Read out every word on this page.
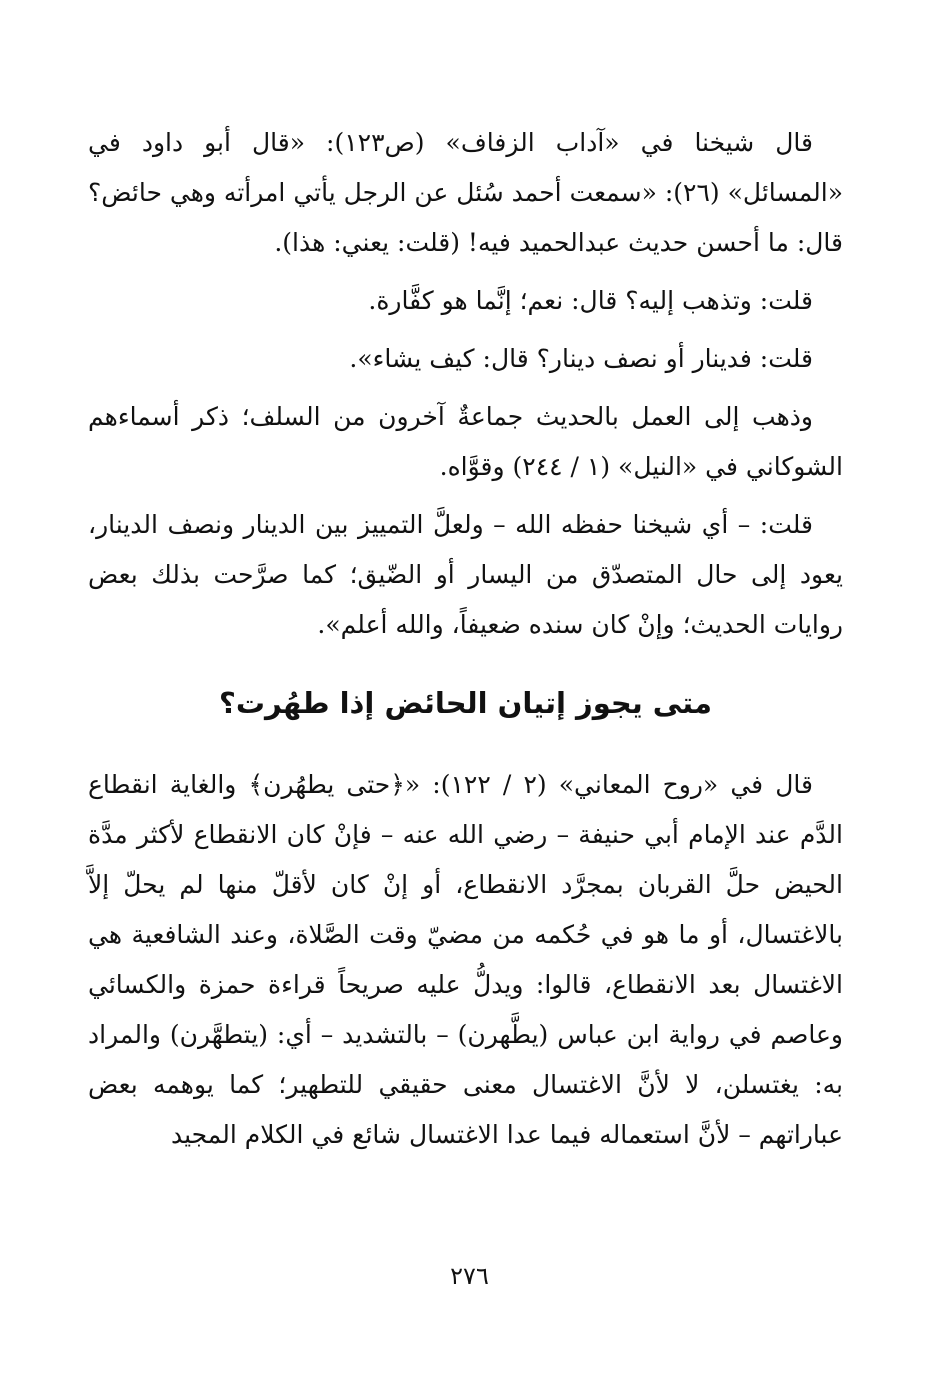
قال شيخنا في «آداب الزفاف» (ص١٢٣): «قال أبو داود في «المسائل» (٢٦): «سمعت أحمد سُئل عن الرجل يأتي امرأته وهي حائض؟ قال: ما أحسن حديث عبدالحميد فيه! (قلت: يعني: هذا).

قلت: وتذهب إليه؟ قال: نعم؛ إنَّما هو كفَّارة.

قلت: فدينار أو نصف دينار؟ قال: كيف يشاء».

وذهب إلى العمل بالحديث جماعةٌ آخرون من السلف؛ ذكر أسماءهم الشوكاني في «النيل» (١ / ٢٤٤) وقوَّاه.

قلت: – أي شيخنا حفظه الله – ولعلَّ التمييز بين الدينار ونصف الدينار، يعود إلى حال المتصدّق من اليسار أو الضّيق؛ كما صرَّحت بذلك بعض روايات الحديث؛ وإنْ كان سنده ضعيفاً، والله أعلم».

متى يجوز إتيان الحائض إذا طهُرت؟

قال في «روح المعاني» (٢ / ١٢٢): «﴿حتى يطهُرن﴾ والغاية انقطاع الدَّم عند الإمام أبي حنيفة – رضي الله عنه – فإنْ كان الانقطاع لأكثر مدَّة الحيض حلَّ القربان بمجرَّد الانقطاع، أو إنْ كان لأقلّ منها لم يحلّ إلاَّ بالاغتسال، أو ما هو في حُكمه من مضيّ وقت الصَّلاة، وعند الشافعية هي الاغتسال بعد الانقطاع، قالوا: ويدلُّ عليه صريحاً قراءة حمزة والكسائي وعاصم في رواية ابن عباس (يطَّهرن) – بالتشديد – أي: (يتطهَّرن) والمراد به: يغتسلن، لا لأنَّ الاغتسال معنى حقيقي للتطهير؛ كما يوهمه بعض عباراتهم – لأنَّ استعماله فيما عدا الاغتسال شائع في الكلام المجيد

٢٧٦
